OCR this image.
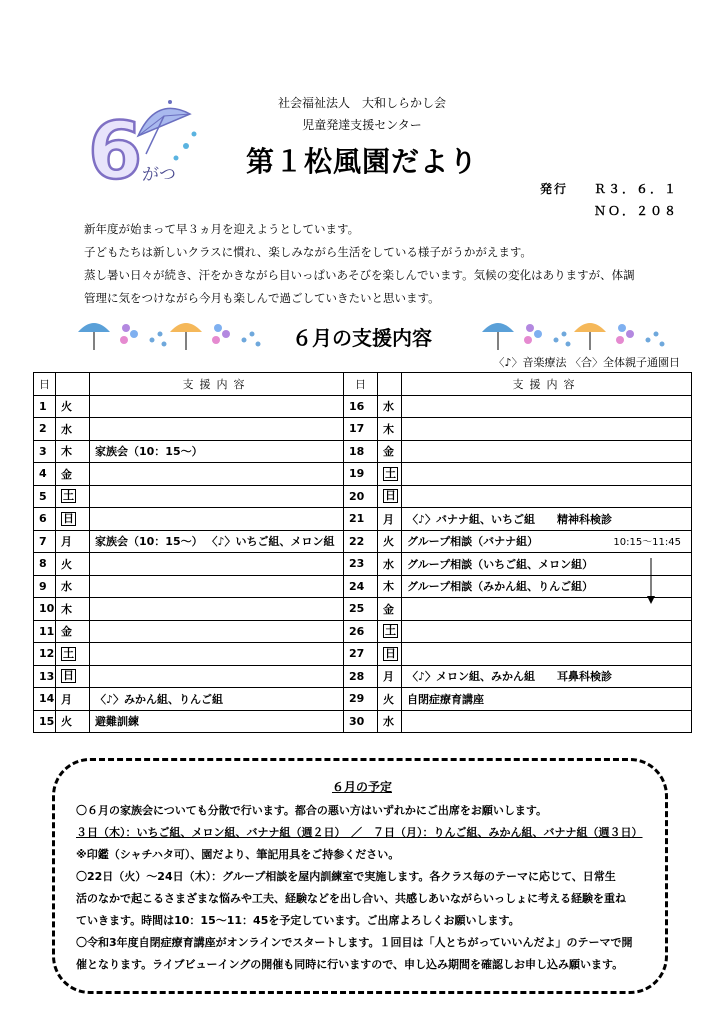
6 がつ
社会福祉法人　大和しらかし会
児童発達支援センター
第１松風園だより
発行 Ｒ３．６．１
ＮＯ．２０８
新年度が始まって早３ヵ月を迎えようとしています。
子どもたちは新しいクラスに慣れ、楽しみながら生活をしている様子がうかがえます。
蒸し暑い日々が続き、汗をかきながら目いっぱいあそびを楽しんでいます。気候の変化はありますが、体調
管理に気をつけながら今月も楽しんで過ごしていきたいと思います。
６月の支援内容
〈♪〉音楽療法 〈合〉全体親子通園日
日		支援内容	日		支援内容
1	火		16	水	
2	水		17	木	
3	木	家族会（10：15〜）	18	金	
4	金		19	土	
5	土		20	日	
6	日		21	月	〈♪〉バナナ組、いちご組　　精神科検診
7	月	家族会（10：15〜） 〈♪〉いちご組、メロン組	22	火	グループ相談（バナナ組） 10:15〜11:45

8	火		23	水	グループ相談（いちご組、メロン組）
9	水		24	木	グループ相談（みかん組、りんご組）
10	木		25	金	
11	金		26	土	
12	土		27	日	
13	日		28	月	〈♪〉メロン組、みかん組　　耳鼻科検診
14	月	〈♪〉みかん組、りんご組	29	火	自閉症療育講座
15	火	避難訓練	30	水	
６月の予定
〇６月の家族会についても分散で行います。都合の悪い方はいずれかにご出席をお願いします。
３日（木）：いちご組、メロン組、バナナ組（週２日）　／　７日（月）：りんご組、みかん組、バナナ組（週３日）
※印鑑（シャチハタ可）、園だより、筆記用具をご持参ください。
〇22日（火）〜24日（木）：グループ相談を屋内訓練室で実施します。各クラス毎のテーマに応じて、日常生
活のなかで起こるさまざまな悩みや工夫、経験などを出し合い、共感しあいながらいっしょに考える経験を重ね
ていきます。時間は10：15〜11：45を予定しています。ご出席よろしくお願いします。
〇令和3年度自閉症療育講座がオンラインでスタートします。１回目は「人とちがっていいんだよ」のテーマで開
催となります。ライブビューイングの開催も同時に行いますので、申し込み期間を確認しお申し込み願います。
